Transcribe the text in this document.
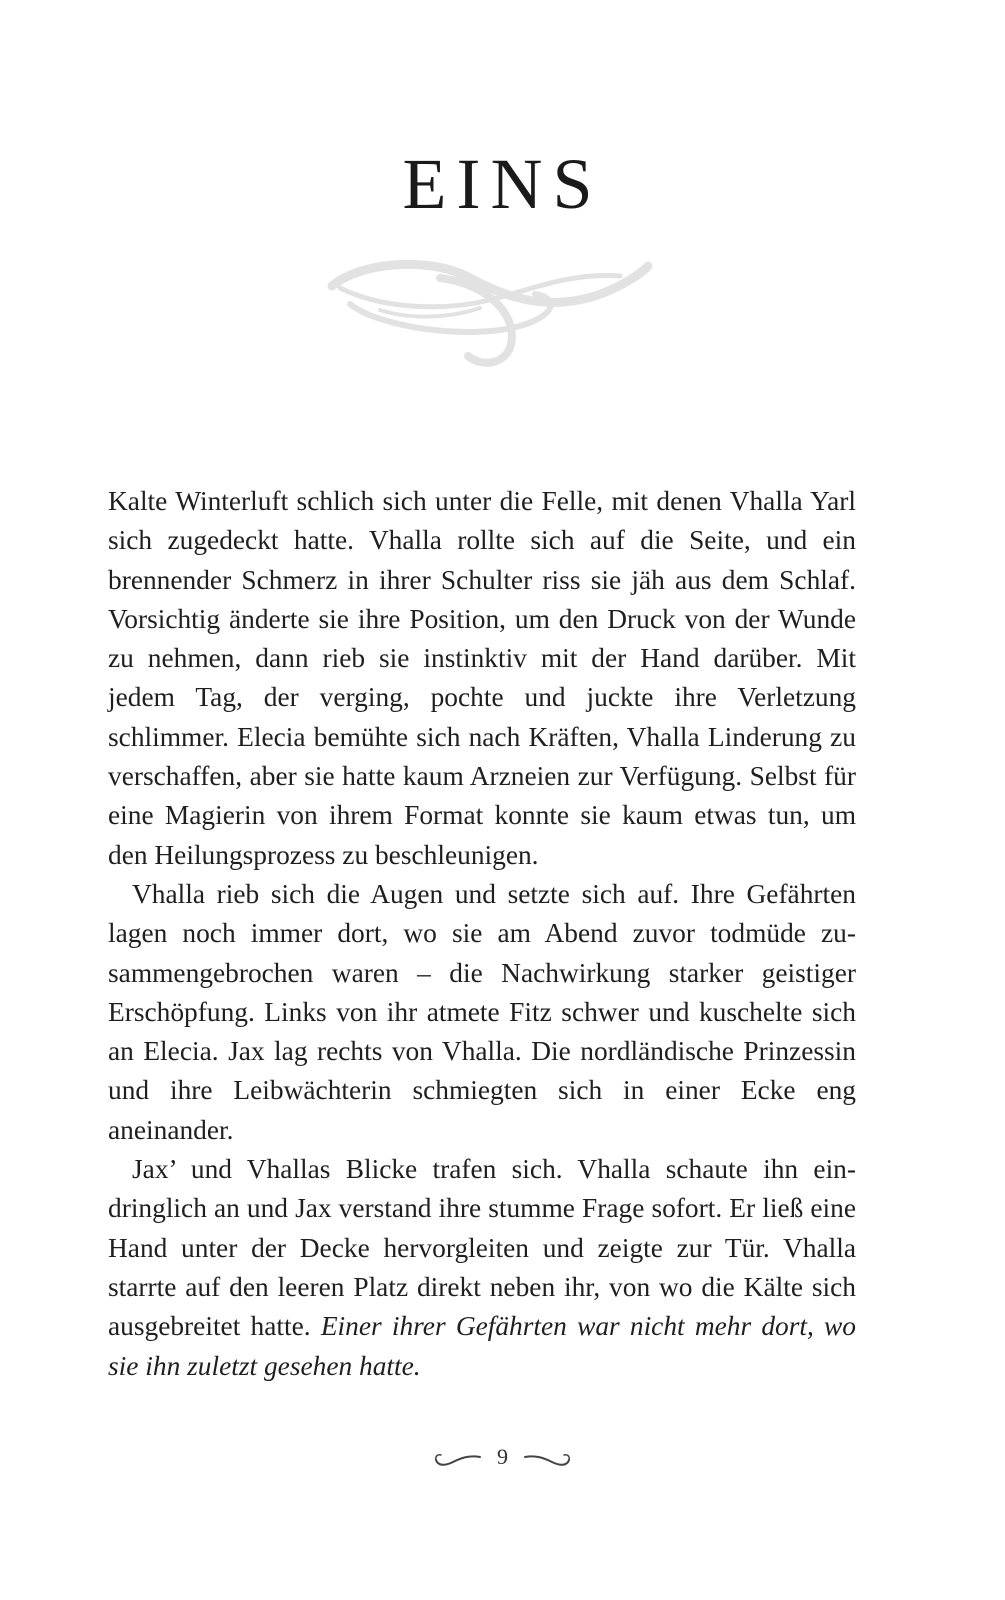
EINS

Kalte Winterluft schlich sich unter die Felle, mit denen Vhalla Yarl sich zugedeckt hatte. Vhalla rollte sich auf die Seite, und ein brennender Schmerz in ihrer Schulter riss sie jäh aus dem Schlaf. Vorsichtig änderte sie ihre Position, um den Druck von der Wunde zu nehmen, dann rieb sie instinktiv mit der Hand darüber. Mit jedem Tag, der verging, pochte und juckte ihre Verletzung schlimmer. Elecia bemühte sich nach Kräften, Vhalla Linderung zu verschaffen, aber sie hatte kaum Arzneien zur Verfügung. Selbst für eine Magierin von ihrem Format konnte sie kaum etwas tun, um den Heilungsprozess zu beschleunigen.

Vhalla rieb sich die Augen und setzte sich auf. Ihre Gefährten lagen noch immer dort, wo sie am Abend zuvor todmüde zusammengebrochen waren – die Nachwirkung starker geistiger Erschöpfung. Links von ihr atmete Fitz schwer und kuschelte sich an Elecia. Jax lag rechts von Vhalla. Die nordländische Prinzessin und ihre Leibwächterin schmiegten sich in einer Ecke eng aneinander.

Jax’ und Vhallas Blicke trafen sich. Vhalla schaute ihn eindringlich an und Jax verstand ihre stumme Frage sofort. Er ließ eine Hand unter der Decke hervorgleiten und zeigte zur Tür. Vhalla starrte auf den leeren Platz direkt neben ihr, von wo die Kälte sich ausgebreitet hatte. Einer ihrer Gefährten war nicht mehr dort, wo sie ihn zuletzt gesehen hatte.

9
